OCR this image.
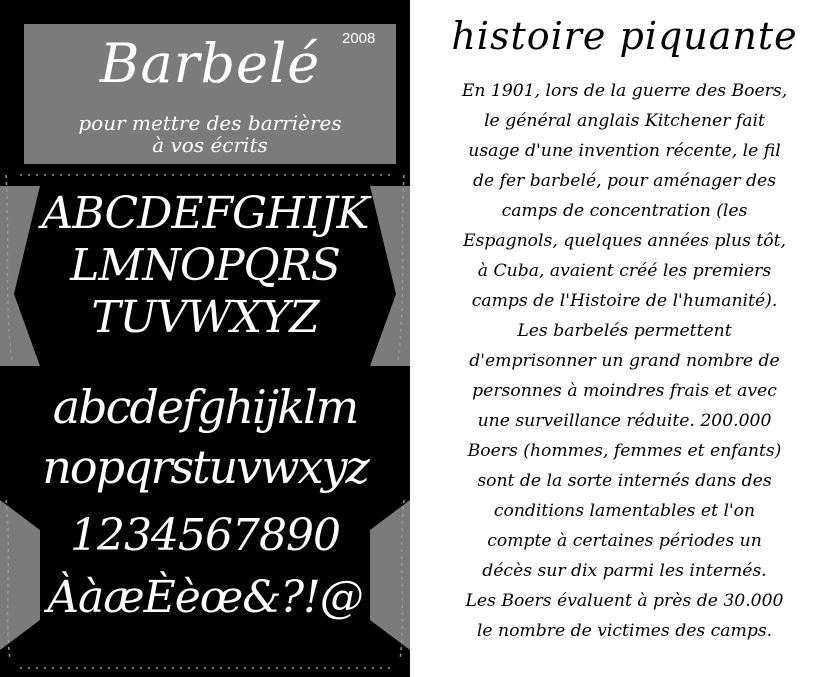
Barbelé	2008
pour mettre des barrières
à vos écrits
ABCDEFGHIJK
LMNOPQRS
TUVWXYZ
abcdefghijklm
nopqrstuvwxyz
1234567890
ÀàæÈèœ&?!@
histoire piquante
En 1901, lors de la guerre des Boers,
le général anglais Kitchener fait
usage d'une invention récente, le fil
de fer barbelé, pour aménager des
camps de concentration (les
Espagnols, quelques années plus tôt,
à Cuba, avaient créé les premiers
camps de l'Histoire de l'humanité).
Les barbelés permettent
d'emprisonner un grand nombre de
personnes à moindres frais et avec
une surveillance réduite. 200.000
Boers (hommes, femmes et enfants)
sont de la sorte internés dans des
conditions lamentables et l'on
compte à certaines périodes un
décès sur dix parmi les internés.
Les Boers évaluent à près de 30.000
le nombre de victimes des camps.
